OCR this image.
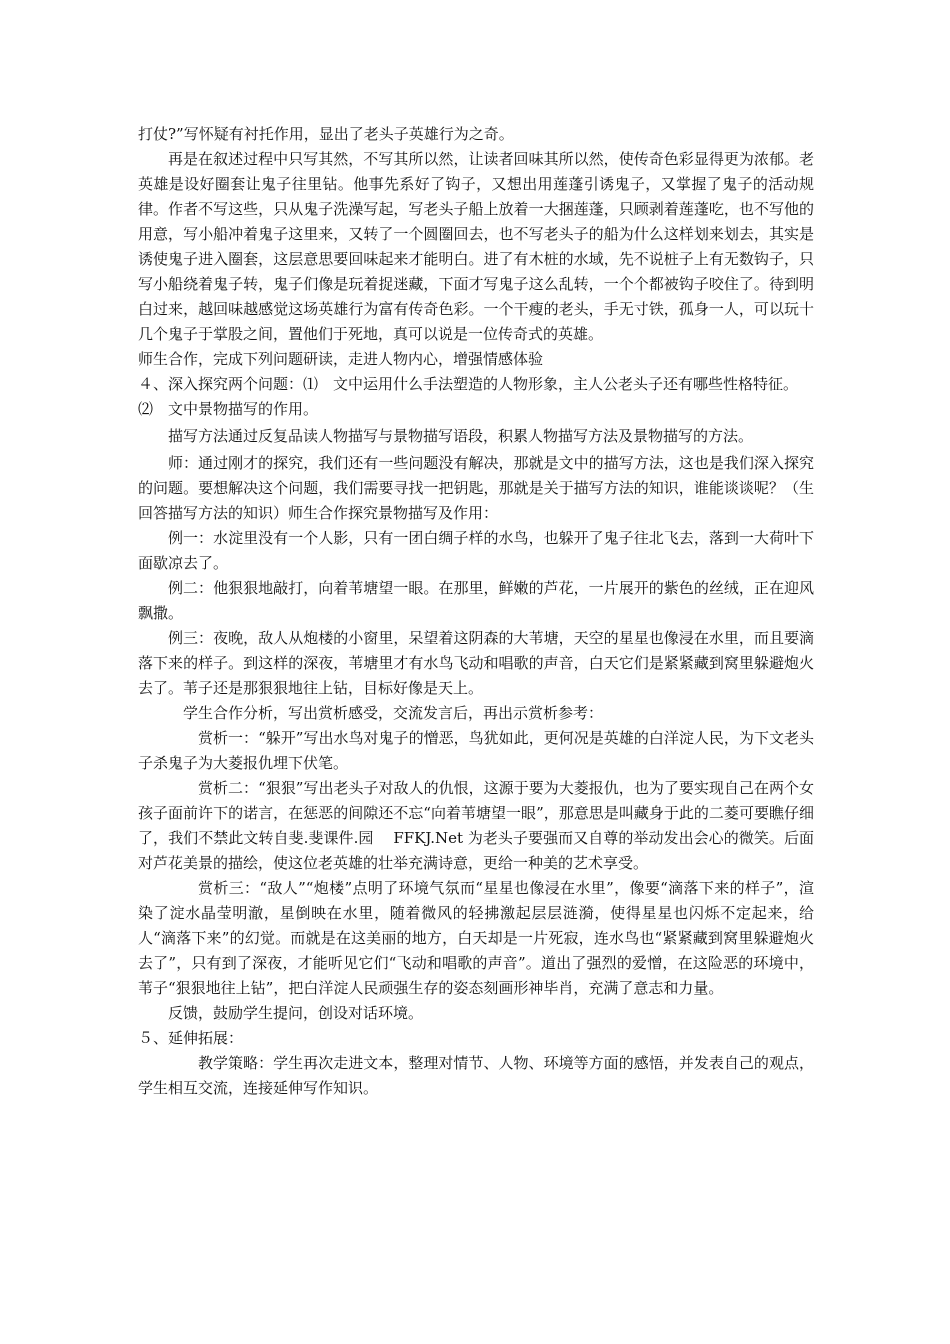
打仗?”写怀疑有衬托作用，显出了老头子英雄行为之奇。

再是在叙述过程中只写其然，不写其所以然，让读者回味其所以然，使传奇色彩显得更为浓郁。老英雄是设好圈套让鬼子往里钻。他事先系好了钩子，又想出用莲蓬引诱鬼子，又掌握了鬼子的活动规律。作者不写这些，只从鬼子洗澡写起，写老头子船上放着一大捆莲蓬，只顾剥着莲蓬吃，也不写他的用意，写小船冲着鬼子这里来，又转了一个圆圈回去，也不写老头子的船为什么这样划来划去，其实是诱使鬼子进入圈套，这层意思要回味起来才能明白。进了有木桩的水域，先不说桩子上有无数钩子，只写小船绕着鬼子转，鬼子们像是玩着捉迷藏，下面才写鬼子这么乱转，一个个都被钩子咬住了。待到明白过来，越回味越感觉这场英雄行为富有传奇色彩。一个干瘦的老头，手无寸铁，孤身一人，可以玩十几个鬼子于掌股之间，置他们于死地，真可以说是一位传奇式的英雄。

师生合作，完成下列问题研读，走进人物内心，增强情感体验

４、深入探究两个问题：⑴　文中运用什么手法塑造的人物形象，主人公老头子还有哪些性格特征。

⑵　文中景物描写的作用。

描写方法通过反复品读人物描写与景物描写语段，积累人物描写方法及景物描写的方法。

师：通过刚才的探究，我们还有一些问题没有解决，那就是文中的描写方法，这也是我们深入探究的问题。要想解决这个问题，我们需要寻找一把钥匙，那就是关于描写方法的知识，谁能谈谈呢？（生回答描写方法的知识）师生合作探究景物描写及作用：

例一：水淀里没有一个人影，只有一团白绸子样的水鸟，也躲开了鬼子往北飞去，落到一大荷叶下面歇凉去了。

例二：他狠狠地敲打，向着苇塘望一眼。在那里，鲜嫩的芦花，一片展开的紫色的丝绒，正在迎风飘撒。

例三：夜晚，敌人从炮楼的小窗里，呆望着这阴森的大苇塘，天空的星星也像浸在水里，而且要滴落下来的样子。到这样的深夜，苇塘里才有水鸟飞动和唱歌的声音，白天它们是紧紧藏到窝里躲避炮火去了。苇子还是那狠狠地往上钻，目标好像是天上。

学生合作分析，写出赏析感受，交流发言后，再出示赏析参考：

赏析一：“躲开”写出水鸟对鬼子的憎恶，鸟犹如此，更何况是英雄的白洋淀人民，为下文老头子杀鬼子为大菱报仇埋下伏笔。

赏析二：“狠狠”写出老头子对敌人的仇恨，这源于要为大菱报仇，也为了要实现自己在两个女孩子面前许下的诺言，在惩恶的间隙还不忘“向着苇塘望一眼”，那意思是叫藏身于此的二菱可要瞧仔细了，我们不禁此文转自斐.斐课件.园　 FFKJ.Net 为老头子要强而又自尊的举动发出会心的微笑。后面对芦花美景的描绘，使这位老英雄的壮举充满诗意，更给一种美的艺术享受。

赏析三：“敌人”“炮楼”点明了环境气氛而“星星也像浸在水里”，像要“滴落下来的样子”，渲染了淀水晶莹明澈，星倒映在水里，随着微风的轻拂激起层层涟漪，使得星星也闪烁不定起来，给人“滴落下来”的幻觉。而就是在这美丽的地方，白天却是一片死寂，连水鸟也“紧紧藏到窝里躲避炮火去了”，只有到了深夜，才能听见它们“飞动和唱歌的声音”。道出了强烈的爱憎，在这险恶的环境中，苇子“狠狠地往上钻”，把白洋淀人民顽强生存的姿态刻画形神毕肖，充满了意志和力量。

反馈，鼓励学生提问，创设对话环境。

５、延伸拓展：

教学策略：学生再次走进文本，整理对情节、人物、环境等方面的感悟，并发表自己的观点，学生相互交流，连接延伸写作知识。
